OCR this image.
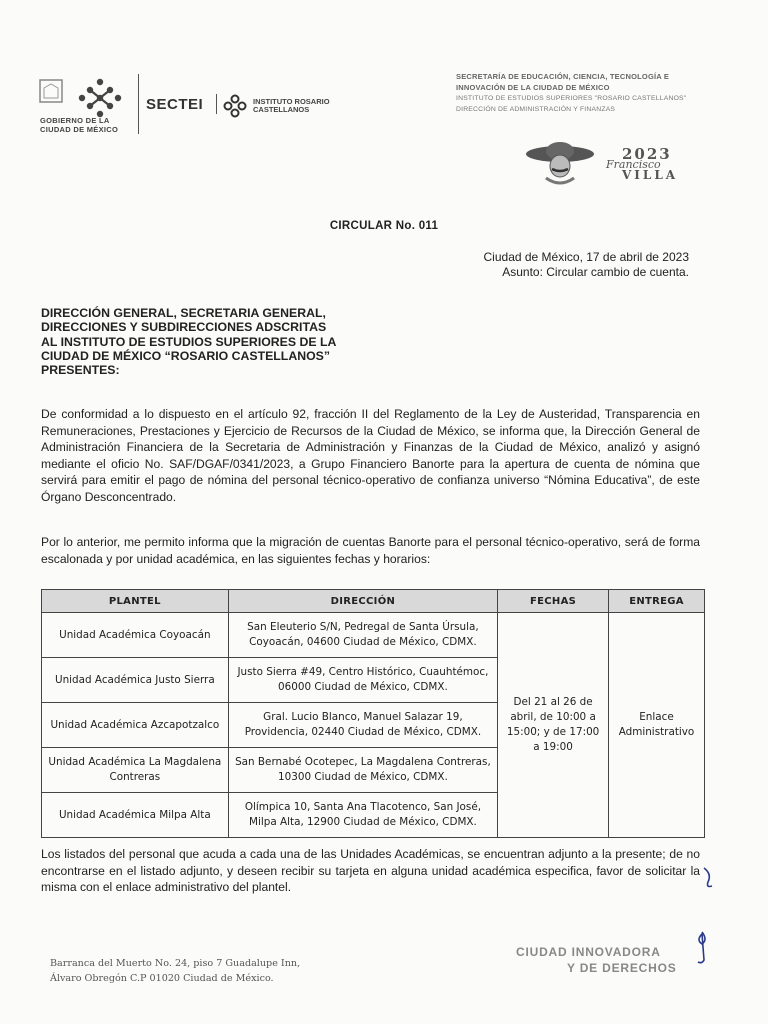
GOBIERNO DE LA
CIUDAD DE MÉXICO
SECTEI	INSTITUTO ROSARIO
CASTELLANOS
SECRETARÍA DE EDUCACIÓN, CIENCIA, TECNOLOGÍA E
INNOVACIÓN DE LA CIUDAD DE MÉXICO
INSTITUTO DE ESTUDIOS SUPERIORES "ROSARIO CASTELLANOS"
DIRECCIÓN DE ADMINISTRACIÓN Y FINANZAS
2023
Francisco
VILLA
CIRCULAR No. 011
Ciudad de México, 17 de abril de 2023
Asunto: Circular cambio de cuenta.
DIRECCIÓN GENERAL, SECRETARIA GENERAL,
DIRECCIONES Y SUBDIRECCIONES ADSCRITAS
AL INSTITUTO DE ESTUDIOS SUPERIORES DE LA
CIUDAD DE MÉXICO “ROSARIO CASTELLANOS”
PRESENTES:
De conformidad a lo dispuesto en el artículo 92, fracción II del Reglamento de la Ley de Austeridad, Transparencia en Remuneraciones, Prestaciones y Ejercicio de Recursos de la Ciudad de México, se informa que, la Dirección General de Administración Financiera de la Secretaria de Administración y Finanzas de la Ciudad de México, analizó y asignó mediante el oficio No. SAF/DGAF/0341/2023, a Grupo Financiero Banorte para la apertura de cuenta de nómina que servirá para emitir el pago de nómina del personal técnico-operativo de confianza universo “Nómina Educativa”, de este Órgano Desconcentrado.
Por lo anterior, me permito informa que la migración de cuentas Banorte para el personal técnico-operativo, será de forma escalonada y por unidad académica, en las siguientes fechas y horarios:
PLANTEL	DIRECCIÓN	FECHAS	ENTREGA
Unidad Académica Coyoacán	San Eleuterio S/N, Pedregal de Santa Úrsula, Coyoacán, 04600 Ciudad de México, CDMX.	Del 21 al 26 de abril, de 10:00 a 15:00; y de 17:00 a 19:00	Enlace Administrativo
Unidad Académica Justo Sierra	Justo Sierra #49, Centro Histórico, Cuauhtémoc, 06000 Ciudad de México, CDMX.		
Unidad Académica Azcapotzalco	Gral. Lucio Blanco, Manuel Salazar 19, Providencia, 02440 Ciudad de México, CDMX.		
Unidad Académica La Magdalena Contreras	San Bernabé Ocotepec, La Magdalena Contreras, 10300 Ciudad de México, CDMX.		
Unidad Académica Milpa Alta	Olímpica 10, Santa Ana Tlacotenco, San José, Milpa Alta, 12900 Ciudad de México, CDMX.		
Los listados del personal que acuda a cada una de las Unidades Académicas, se encuentran adjunto a la presente; de no encontrarse en el listado adjunto, y deseen recibir su tarjeta en alguna unidad académica especifica, favor de solicitar la misma con el enlace administrativo del plantel.
Barranca del Muerto No. 24, piso 7 Guadalupe Inn,
Álvaro Obregón C.P 01020 Ciudad de México.
CIUDAD INNOVADORA
Y DE DERECHOS
